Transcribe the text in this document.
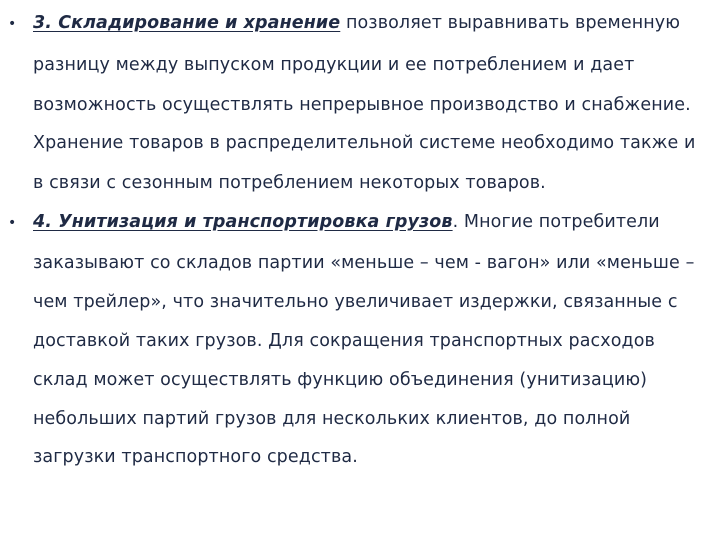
• 3. Складирование и хранение позволяет выравнивать временную
разницу между выпуском продукции и ее потреблением и дает
возможность осуществлять непрерывное производство и снабжение.
Хранение товаров в распределительной системе необходимо также и
в связи с сезонным потреблением некоторых товаров.
• 4. Унитизация и транспортировка грузов. Многие потребители
заказывают со складов партии «меньше – чем - вагон» или «меньше –
чем трейлер», что значительно увеличивает издержки, связанные с
доставкой таких грузов. Для сокращения транспортных расходов
склад может осуществлять функцию объединения (унитизацию)
небольших партий грузов для нескольких клиентов, до полной
загрузки транспортного средства.
